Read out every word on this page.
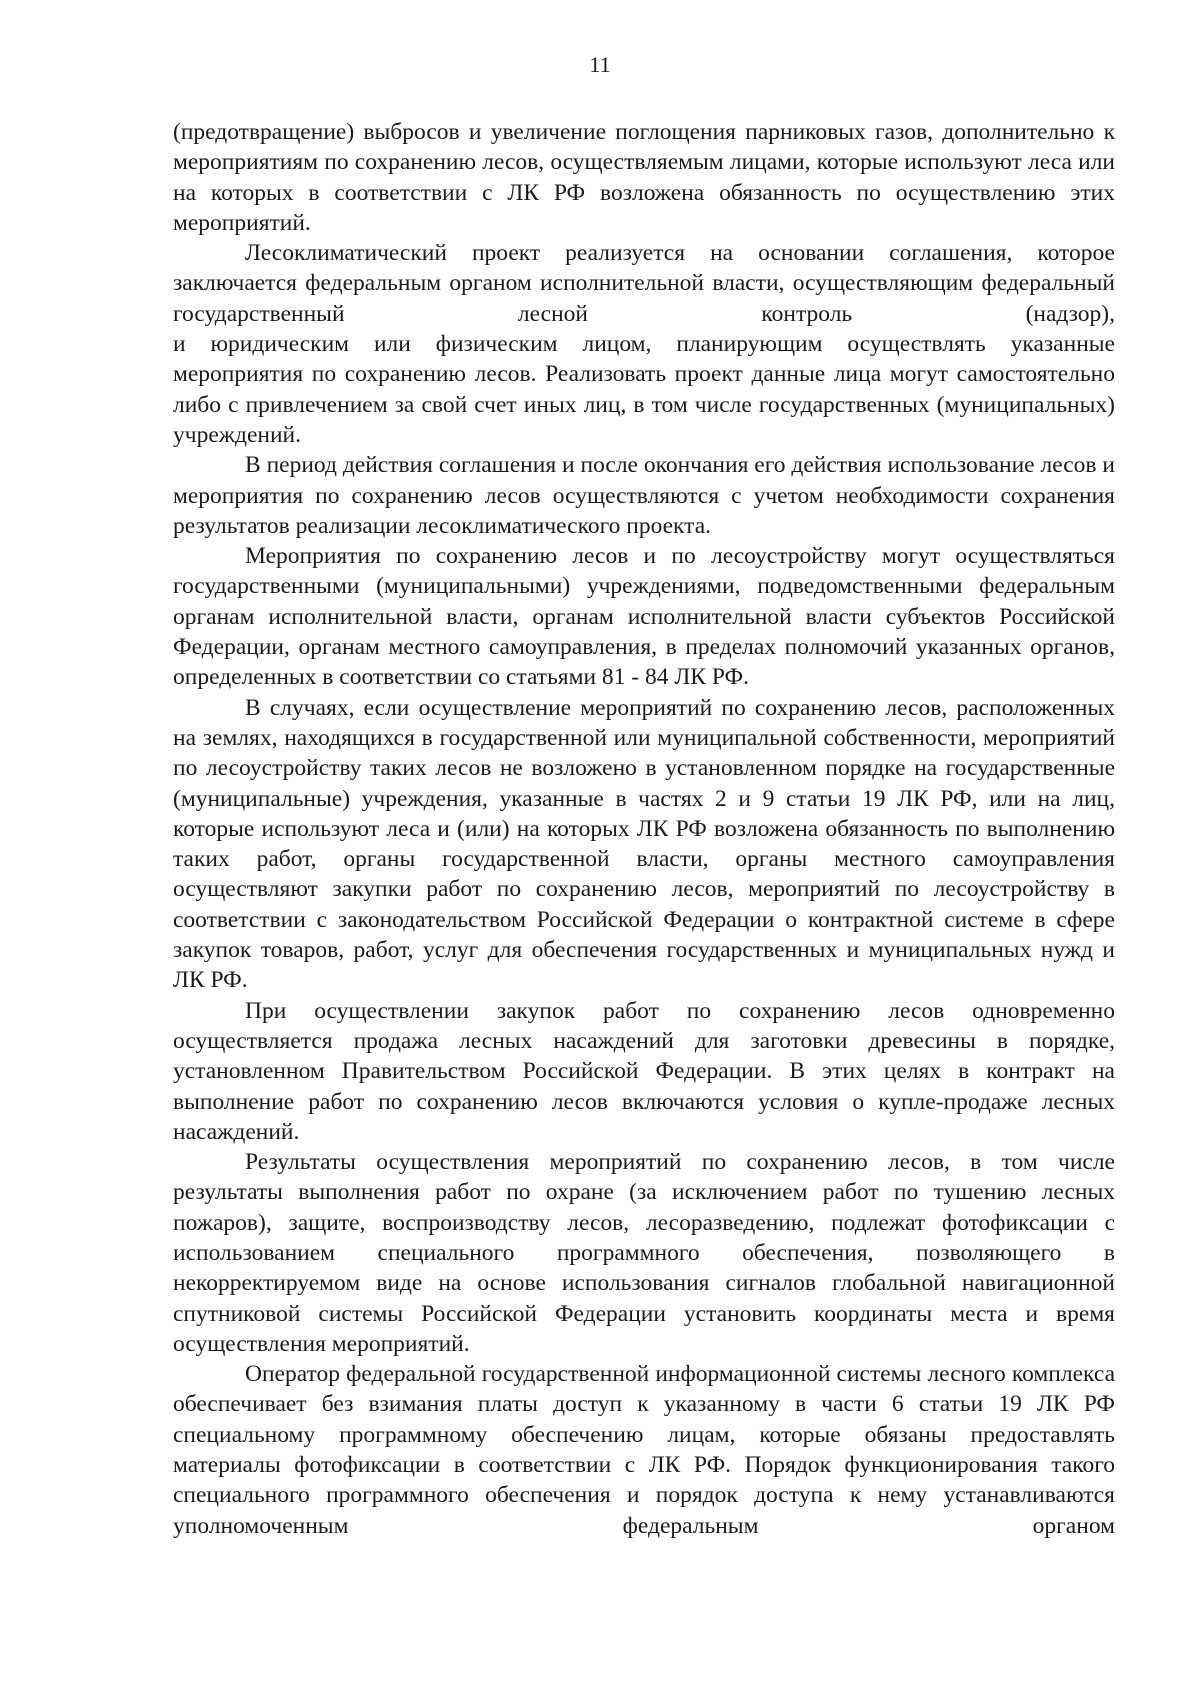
11

(предотвращение) выбросов и увеличение поглощения парниковых газов, дополнительно к мероприятиям по сохранению лесов, осуществляемым лицами, которые используют леса или на которых в соответствии с ЛК РФ возложена обязанность по осуществлению этих мероприятий.

Лесоклиматический проект реализуется на основании соглашения, которое заключается федеральным органом исполнительной власти, осуществляющим федеральный государственный лесной контроль (надзор),

и юридическим или физическим лицом, планирующим осуществлять указанные мероприятия по сохранению лесов. Реализовать проект данные лица могут самостоятельно либо с привлечением за свой счет иных лиц, в том числе государственных (муниципальных) учреждений.

В период действия соглашения и после окончания его действия использование лесов и мероприятия по сохранению лесов осуществляются с учетом необходимости сохранения результатов реализации лесоклиматического проекта.

Мероприятия по сохранению лесов и по лесоустройству могут осуществляться государственными (муниципальными) учреждениями, подведомственными федеральным органам исполнительной власти, органам исполнительной власти субъектов Российской Федерации, органам местного самоуправления, в пределах полномочий указанных органов, определенных в соответствии со статьями 81 - 84 ЛК РФ.

В случаях, если осуществление мероприятий по сохранению лесов, расположенных на землях, находящихся в государственной или муниципальной собственности, мероприятий по лесоустройству таких лесов не возложено в установленном порядке на государственные (муниципальные) учреждения, указанные в частях 2 и 9 статьи 19 ЛК РФ, или на лиц, которые используют леса и (или) на которых ЛК РФ возложена обязанность по выполнению таких работ, органы государственной власти, органы местного самоуправления осуществляют закупки работ по сохранению лесов, мероприятий по лесоустройству в соответствии с законодательством Российской Федерации о контрактной системе в сфере закупок товаров, работ, услуг для обеспечения государственных и муниципальных нужд и ЛК РФ.

При осуществлении закупок работ по сохранению лесов одновременно осуществляется продажа лесных насаждений для заготовки древесины в порядке, установленном Правительством Российской Федерации. В этих целях в контракт на выполнение работ по сохранению лесов включаются условия о купле-продаже лесных насаждений.

Результаты осуществления мероприятий по сохранению лесов, в том числе результаты выполнения работ по охране (за исключением работ по тушению лесных пожаров), защите, воспроизводству лесов, лесоразведению, подлежат фотофиксации с использованием специального программного обеспечения, позволяющего в некорректируемом виде на основе использования сигналов глобальной навигационной спутниковой системы Российской Федерации установить координаты места и время осуществления мероприятий.

Оператор федеральной государственной информационной системы лесного комплекса обеспечивает без взимания платы доступ к указанному в части 6 статьи 19 ЛК РФ специальному программному обеспечению лицам, которые обязаны предоставлять материалы фотофиксации в соответствии с ЛК РФ. Порядок функционирования такого специального программного обеспечения и порядок доступа к нему устанавливаются уполномоченным федеральным органом
